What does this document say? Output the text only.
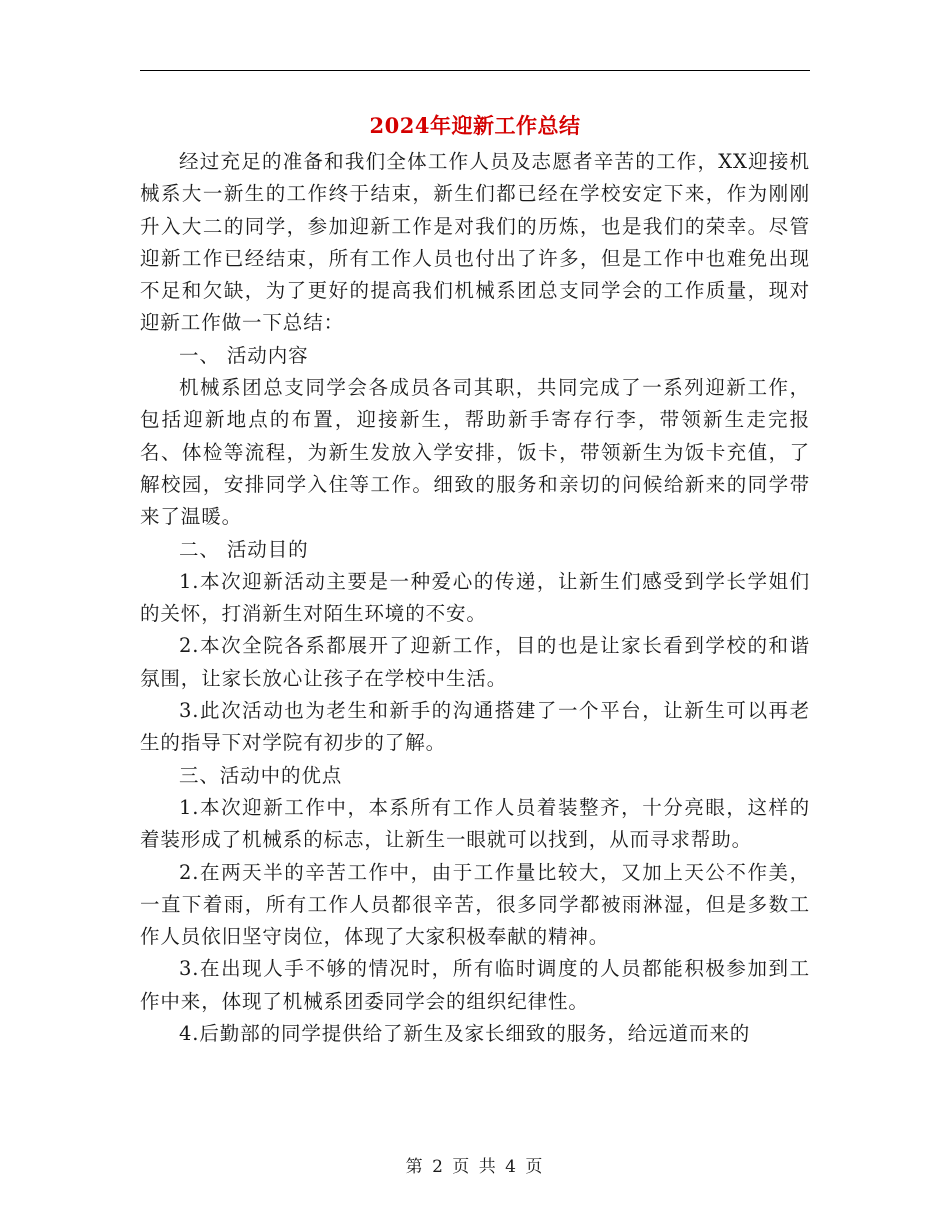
2024年迎新工作总结

经过充足的准备和我们全体工作人员及志愿者辛苦的工作，XX迎接机械系大一新生的工作终于结束，新生们都已经在学校安定下来，作为刚刚升入大二的同学，参加迎新工作是对我们的历炼，也是我们的荣幸。尽管迎新工作已经结束，所有工作人员也付出了许多，但是工作中也难免出现不足和欠缺，为了更好的提高我们机械系团总支同学会的工作质量，现对迎新工作做一下总结：

一、 活动内容

机械系团总支同学会各成员各司其职，共同完成了一系列迎新工作，包括迎新地点的布置，迎接新生，帮助新手寄存行李，带领新生走完报名、体检等流程，为新生发放入学安排，饭卡，带领新生为饭卡充值，了解校园，安排同学入住等工作。细致的服务和亲切的问候给新来的同学带来了温暖。

二、 活动目的

1.本次迎新活动主要是一种爱心的传递，让新生们感受到学长学姐们的关怀，打消新生对陌生环境的不安。

2.本次全院各系都展开了迎新工作，目的也是让家长看到学校的和谐氛围，让家长放心让孩子在学校中生活。

3.此次活动也为老生和新手的沟通搭建了一个平台，让新生可以再老生的指导下对学院有初步的了解。

三、活动中的优点

1.本次迎新工作中，本系所有工作人员着装整齐，十分亮眼，这样的着装形成了机械系的标志，让新生一眼就可以找到，从而寻求帮助。

2.在两天半的辛苦工作中，由于工作量比较大，又加上天公不作美，一直下着雨，所有工作人员都很辛苦，很多同学都被雨淋湿，但是多数工作人员依旧坚守岗位，体现了大家积极奉献的精神。

3.在出现人手不够的情况时，所有临时调度的人员都能积极参加到工作中来，体现了机械系团委同学会的组织纪律性。

4.后勤部的同学提供给了新生及家长细致的服务，给远道而来的

第 2 页 共 4 页
